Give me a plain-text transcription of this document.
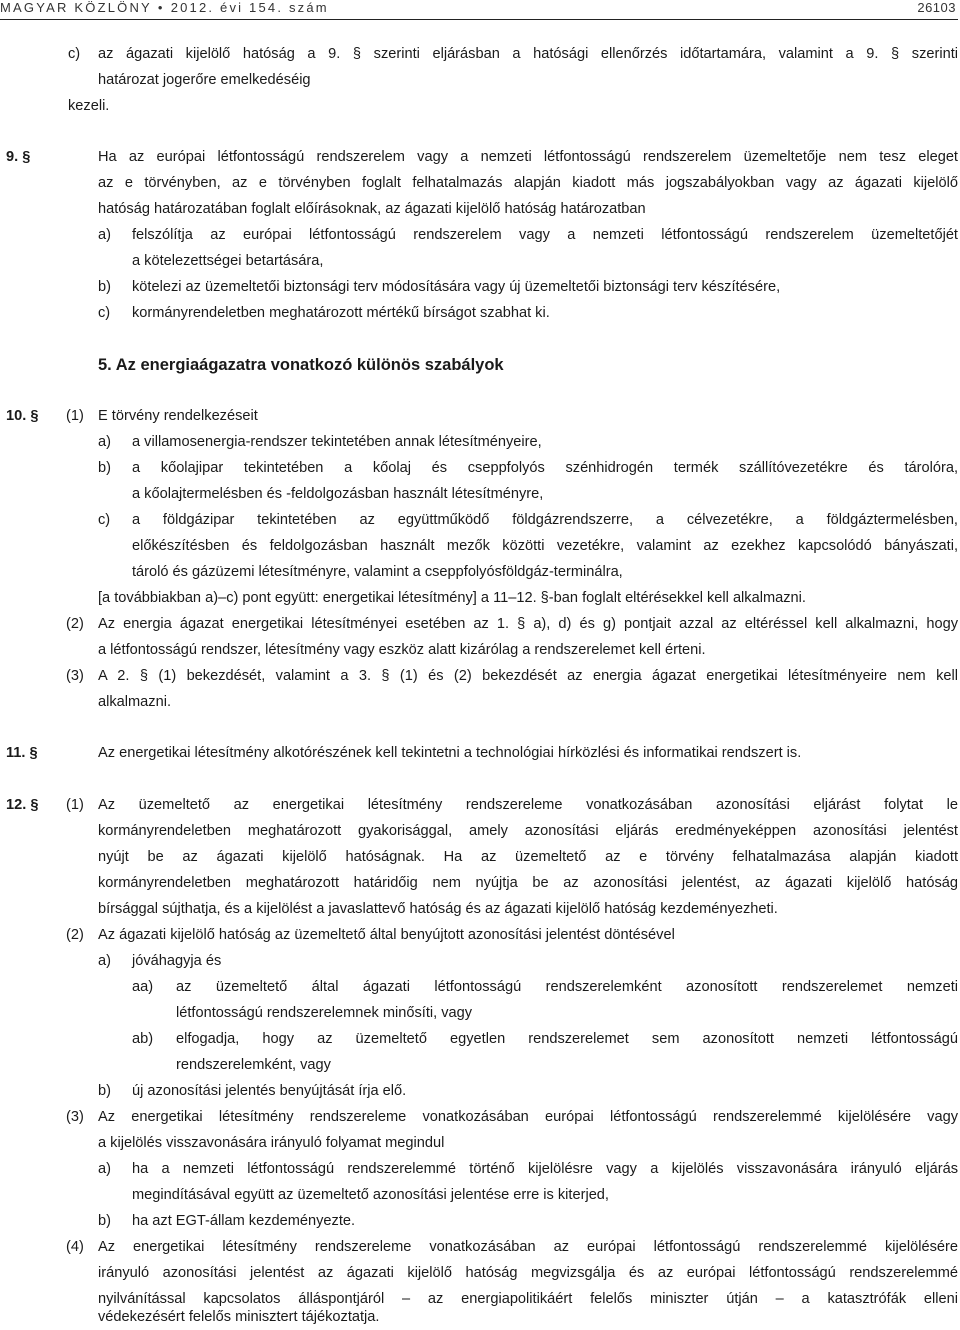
MAGYAR KÖZLÖNY • 2012. évi 154. szám	26103
c) az ágazati kijelölő hatóság a 9. § szerinti eljárásban a hatósági ellenőrzés időtartamára, valamint a 9. § szerinti
határozat jogerőre emelkedéséig
kezeli.
9. §	Ha az európai létfontosságú rendszerelem vagy a nemzeti létfontosságú rendszerelem üzemeltetője nem tesz eleget
az e törvényben, az e törvényben foglalt felhatalmazás alapján kiadott más jogszabályokban vagy az ágazati kijelölő
hatóság határozatában foglalt előírásoknak, az ágazati kijelölő hatóság határozatban
a) felszólítja az európai létfontosságú rendszerelem vagy a nemzeti létfontosságú rendszerelem üzemeltetőjét
a kötelezettségei betartására,
b) kötelezi az üzemeltetői biztonsági terv módosítására vagy új üzemeltetői biztonsági terv készítésére,
c) kormányrendeletben meghatározott mértékű bírságot szabhat ki.
5. Az energiaágazatra vonatkozó különös szabályok
10. § (1) E törvény rendelkezéseit
a) a villamosenergia-rendszer tekintetében annak létesítményeire,
b) a kőolajipar tekintetében a kőolaj és cseppfolyós szénhidrogén termék szállítóvezetékre és tárolóra,
a kőolajtermelésben és -feldolgozásban használt létesítményre,
c) a földgázipar tekintetében az együttműködő földgázrendszerre, a célvezetékre, a földgáztermelésben,
előkészítésben és feldolgozásban használt mezők közötti vezetékre, valamint az ezekhez kapcsolódó bányászati,
tároló és gázüzemi létesítményre, valamint a cseppfolyósföldgáz-terminálra,
[a továbbiakban a)–c) pont együtt: energetikai létesítmény] a 11–12. §-ban foglalt eltérésekkel kell alkalmazni.
(2) Az energia ágazat energetikai létesítményei esetében az 1. § a), d) és g) pontjait azzal az eltéréssel kell alkalmazni, hogy
a létfontosságú rendszer, létesítmény vagy eszköz alatt kizárólag a rendszerelemet kell érteni.
(3) A 2. § (1) bekezdését, valamint a 3. § (1) és (2) bekezdését az energia ágazat energetikai létesítményeire nem kell
alkalmazni.
11. §	Az energetikai létesítmény alkotórészének kell tekintetni a technológiai hírközlési és informatikai rendszert is.
12. § (1) Az üzemeltető az energetikai létesítmény rendszereleme vonatkozásában azonosítási eljárást folytat le
kormányrendeletben meghatározott gyakorisággal, amely azonosítási eljárás eredményeképpen azonosítási jelentést
nyújt be az ágazati kijelölő hatóságnak. Ha az üzemeltető az e törvény felhatalmazása alapján kiadott
kormányrendeletben meghatározott határidőig nem nyújtja be az azonosítási jelentést, az ágazati kijelölő hatóság
bírsággal sújthatja, és a kijelölést a javaslattevő hatóság és az ágazati kijelölő hatóság kezdeményezheti.
(2) Az ágazati kijelölő hatóság az üzemeltető által benyújtott azonosítási jelentést döntésével
a) jóváhagyja és
aa) az üzemeltető által ágazati létfontosságú rendszerelemként azonosított rendszerelemet nemzeti
létfontosságú rendszerelemnek minősíti, vagy
ab) elfogadja, hogy az üzemeltető egyetlen rendszerelemet sem azonosított nemzeti létfontosságú
rendszerelemként, vagy
b) új azonosítási jelentés benyújtását írja elő.
(3) Az energetikai létesítmény rendszereleme vonatkozásában európai létfontosságú rendszerelemmé kijelölésére vagy
a kijelölés visszavonására irányuló folyamat megindul
a) ha a nemzeti létfontosságú rendszerelemmé történő kijelölésre vagy a kijelölés visszavonására irányuló eljárás
megindításával együtt az üzemeltető azonosítási jelentése erre is kiterjed,
b) ha azt EGT-állam kezdeményezte.
(4) Az energetikai létesítmény rendszereleme vonatkozásában az európai létfontosságú rendszerelemmé kijelölésére
irányuló azonosítási jelentést az ágazati kijelölő hatóság megvizsgálja és az európai létfontosságú rendszerelemmé
nyilvánítással kapcsolatos álláspontjáról – az energiapolitikáért felelős miniszter útján – a katasztrófák elleni
védekezésért felelős minisztert tájékoztatja.
